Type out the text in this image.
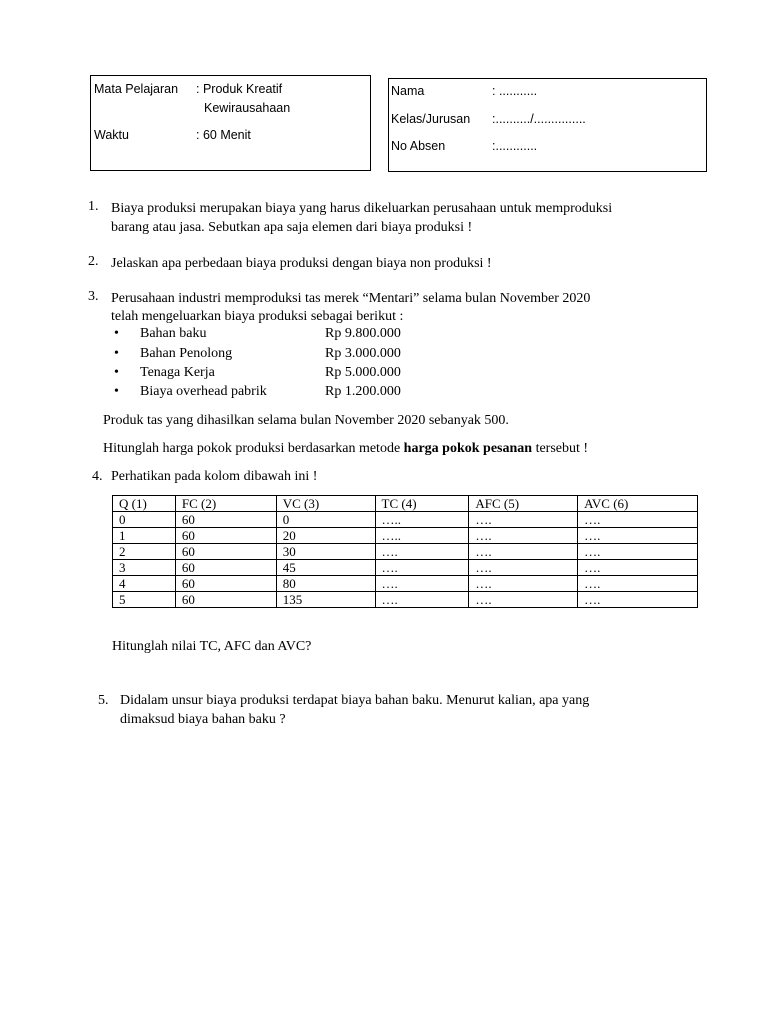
Mata Pelajaran : Produk Kreatif
Kewirausahaan
Waktu	: 60 Menit
Nama	: ...........
Kelas/Jurusan :........../...............
No Absen	:............
1. Biaya produksi merupakan biaya yang harus dikeluarkan perusahaan untuk memproduksi
barang atau jasa. Sebutkan apa saja elemen dari biaya produksi !
2. Jelaskan apa perbedaan biaya produksi dengan biaya non produksi !
3. Perusahaan industri memproduksi tas merek “Mentari” selama bulan November 2020
telah mengeluarkan biaya produksi sebagai berikut :
• Bahan baku	Rp 9.800.000
• Bahan Penolong	Rp 3.000.000
• Tenaga Kerja	Rp 5.000.000
• Biaya overhead pabrik	Rp 1.200.000
Produk tas yang dihasilkan selama bulan November 2020 sebanyak 500.
Hitunglah harga pokok produksi berdasarkan metode harga pokok pesanan tersebut !
4. Perhatikan pada kolom dibawah ini !
Q (1)	FC (2)	VC (3)	TC (4)	AFC (5)	AVC (6)
0	60	0	…..	….	….
1	60	20	…..	….	….
2	60	30	….	….	….
3	60	45	….	….	….
4	60	80	….	….	….
5	60	135	….	….	….
Hitunglah nilai TC, AFC dan AVC?
5. Didalam unsur biaya produksi terdapat biaya bahan baku. Menurut kalian, apa yang
dimaksud biaya bahan baku ?
